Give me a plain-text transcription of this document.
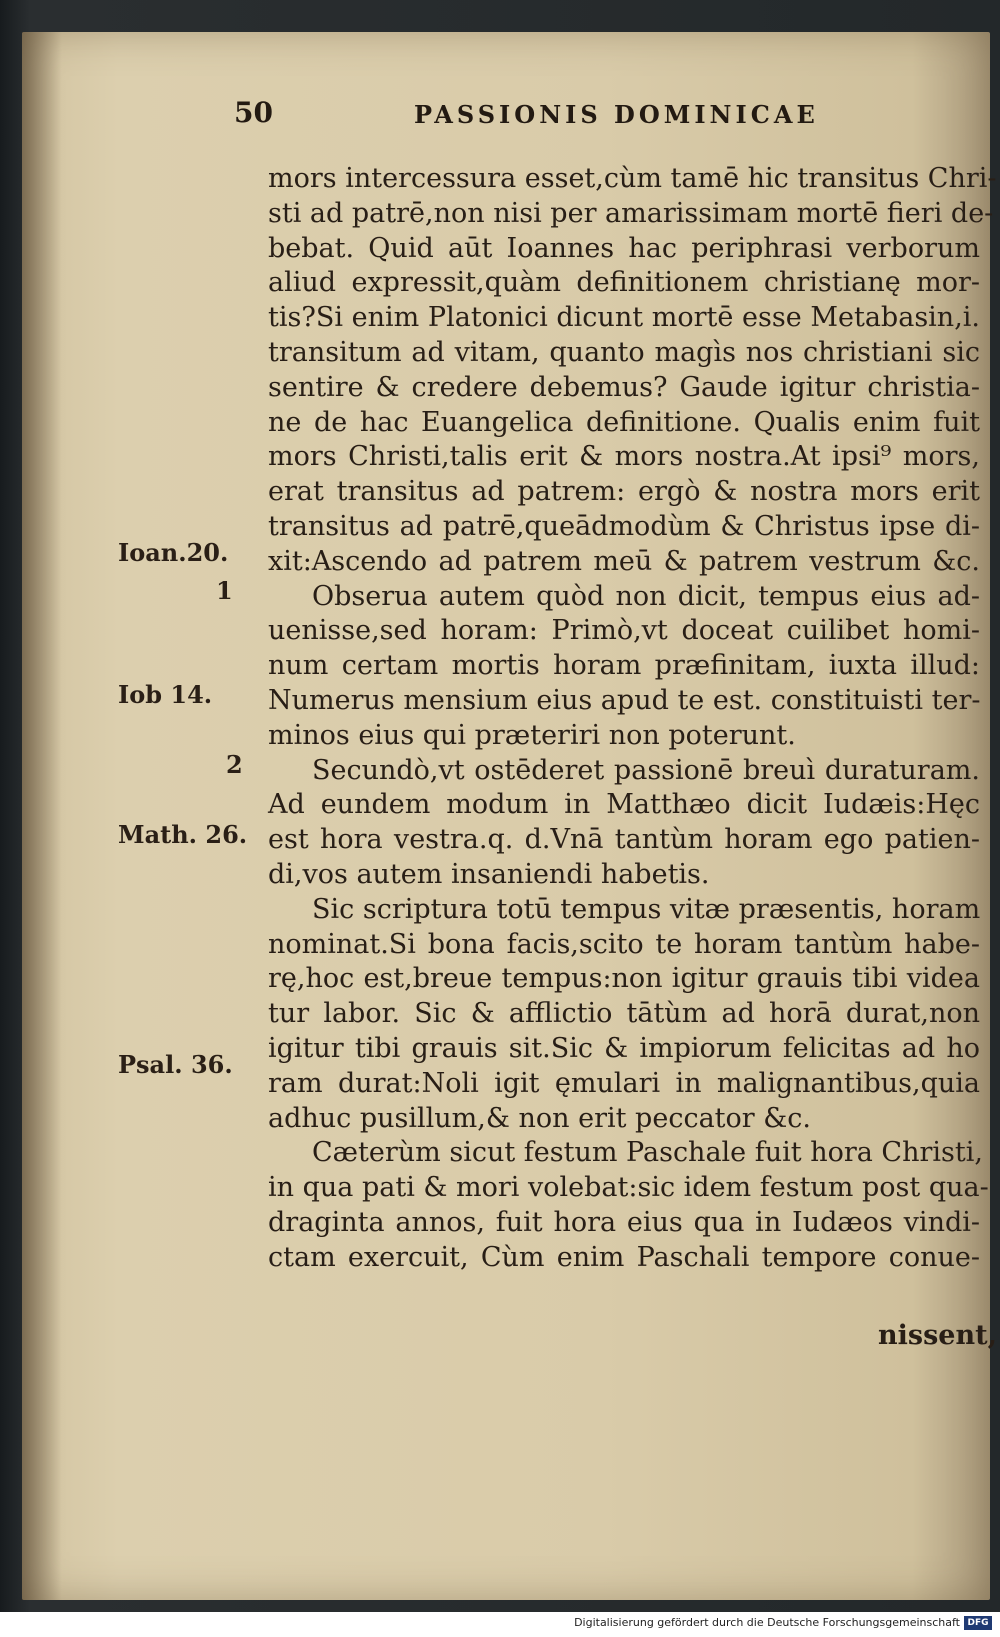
50	PASSIONIS DOMINICAE
mors intercessura esset,cùm tamē hic transitus Chri-
sti ad patrē,non nisi per amarissimam mortē fieri de-
bebat. Quid aūt Ioannes hac periphrasi verborum
aliud expressit,quàm definitionem christianę mor-
tis?Si enim Platonici dicunt mortē esse Metabasin,i.
transitum ad vitam, quanto magìs nos christiani sic
sentire & credere debemus? Gaude igitur christia-
ne de hac Euangelica definitione. Qualis enim fuit
mors Christi,talis erit & mors nostra.At ipsi⁹ mors,
erat transitus ad patrem: ergò & nostra mors erit
transitus ad patrē,queādmodùm & Christus ipse di-
xit:Ascendo ad patrem meū & patrem vestrum &c.
Obserua autem quòd non dicit, tempus eius ad-
uenisse,sed horam: Primò,vt doceat cuilibet homi-
num certam mortis horam præfinitam, iuxta illud:
Numerus mensium eius apud te est. constituisti ter-
minos eius qui præteriri non poterunt.
Secundò,vt ostēderet passionē breuì duraturam.
Ad eundem modum in Matthæo dicit Iudæis:Hęc
est hora vestra.q. d.Vnā tantùm horam ego patien-
di,vos autem insaniendi habetis.
Sic scriptura totū tempus vitæ præsentis, horam
nominat.Si bona facis,scito te horam tantùm habe-
rę,hoc est,breue tempus:non igitur grauis tibi videa
tur labor. Sic & afflictio tātùm ad horā durat,non
igitur tibi grauis sit.Sic & impiorum felicitas ad ho
ram durat:Noli igit ęmulari in malignantibus,quia
adhuc pusillum,& non erit peccator &c.
Cæterùm sicut festum Paschale fuit hora Christi,
in qua pati & mori volebat:sic idem festum post qua-
draginta annos, fuit hora eius qua in Iudæos vindi-
ctam exercuit, Cùm enim Paschali tempore conue-
Ioan.20.
1
Iob 14.
2
Math. 26.
Psal. 36.
nissent,
Digitalisierung gefördert durch die Deutsche Forschungsgemeinschaft DFG
